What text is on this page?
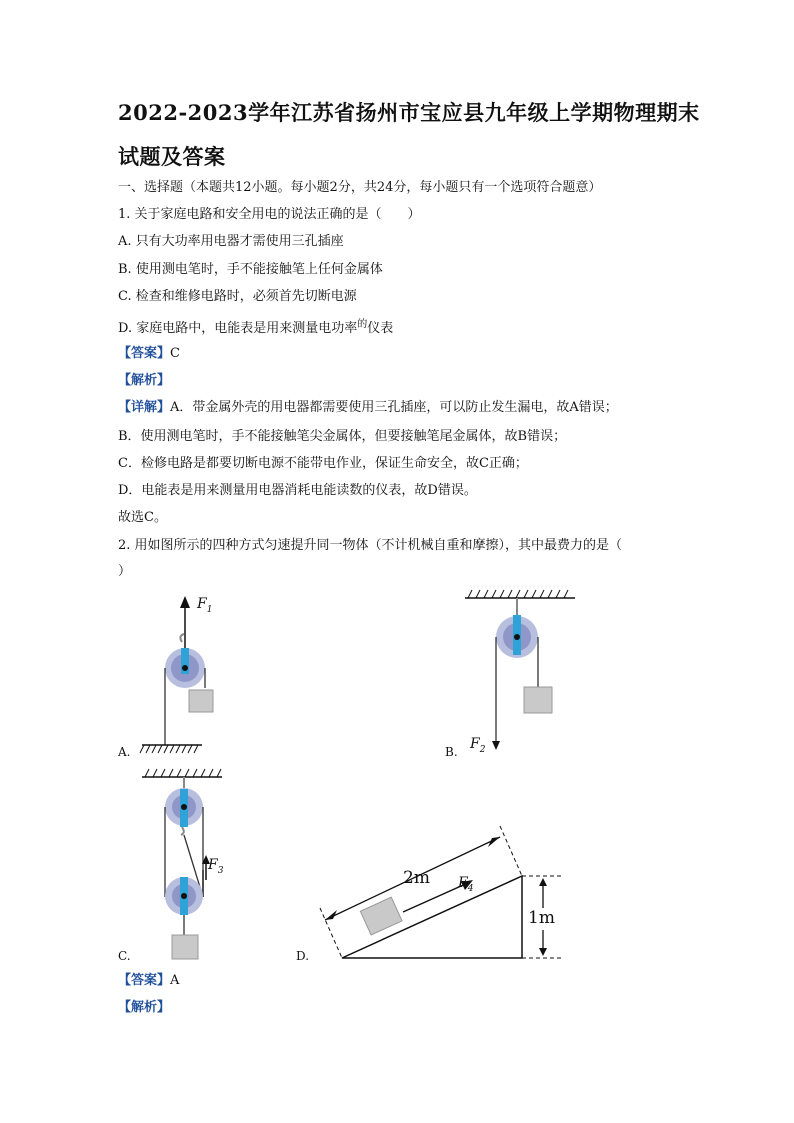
2022-2023学年江苏省扬州市宝应县九年级上学期物理期末
试题及答案
一、选择题（本题共12小题。每小题2分，共24分，每小题只有一个选项符合题意）
1. 关于家庭电路和安全用电的说法正确的是（　　）
A. 只有大功率用电器才需使用三孔插座
B. 使用测电笔时，手不能接触笔上任何金属体
C. 检查和维修电路时，必须首先切断电源
D. 家庭电路中，电能表是用来测量电功率$^的$仪表
【答案】C
【解析】
【详解】A．带金属外壳的用电器都需要使用三孔插座，可以防止发生漏电，故A错误；
B．使用测电笔时，手不能接触笔尖金属体，但要接触笔尾金属体，故B错误；
C．检修电路是都要切断电源不能带电作业，保证生命安全，故C正确；
D．电能表是用来测量用电器消耗电能读数的仪表，故D错误。
故选C。
2. 用如图所示的四种方式匀速提升同一物体（不计机械自重和摩擦），其中最费力的是（
）
$F_1$
A.	$F_2$
B.
$F_3$
C.
2m $F_4$
1m
D.
【答案】A
【解析】
